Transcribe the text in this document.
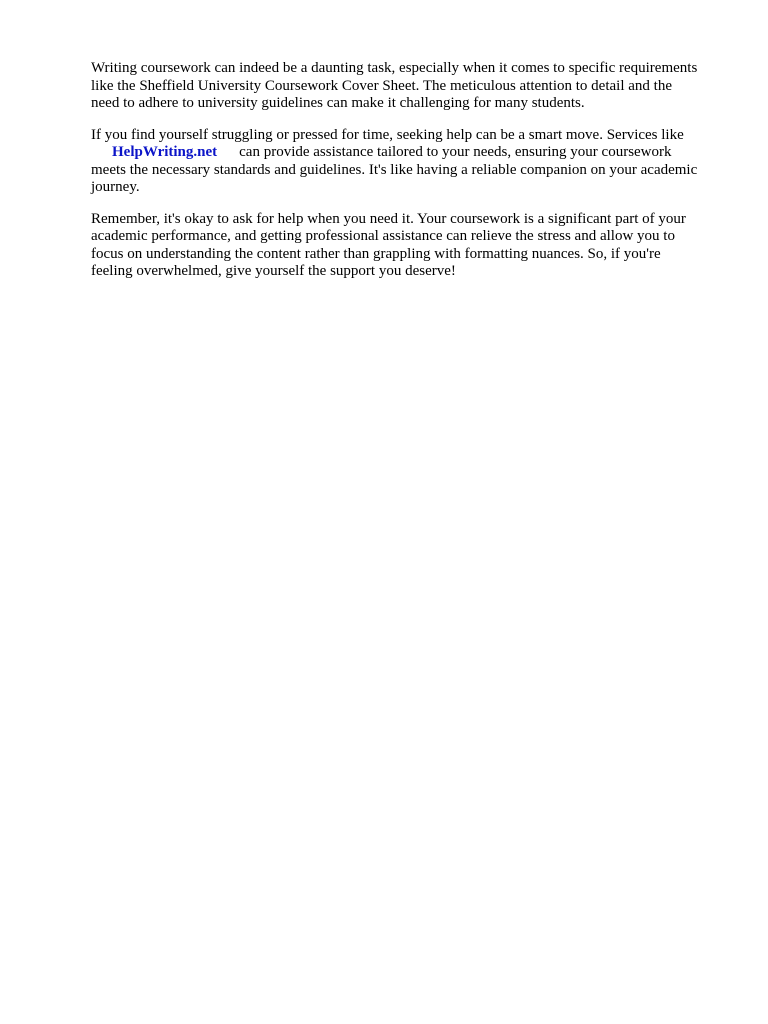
Writing coursework can indeed be a daunting task, especially when it comes to specific requirements
like the Sheffield University Coursework Cover Sheet. The meticulous attention to detail and the
need to adhere to university guidelines can make it challenging for many students.

If you find yourself struggling or pressed for time, seeking help can be a smart move. Services like
HelpWriting.net can provide assistance tailored to your needs, ensuring your coursework
meets the necessary standards and guidelines. It's like having a reliable companion on your academic
journey.

Remember, it's okay to ask for help when you need it. Your coursework is a significant part of your
academic performance, and getting professional assistance can relieve the stress and allow you to
focus on understanding the content rather than grappling with formatting nuances. So, if you're
feeling overwhelmed, give yourself the support you deserve!
